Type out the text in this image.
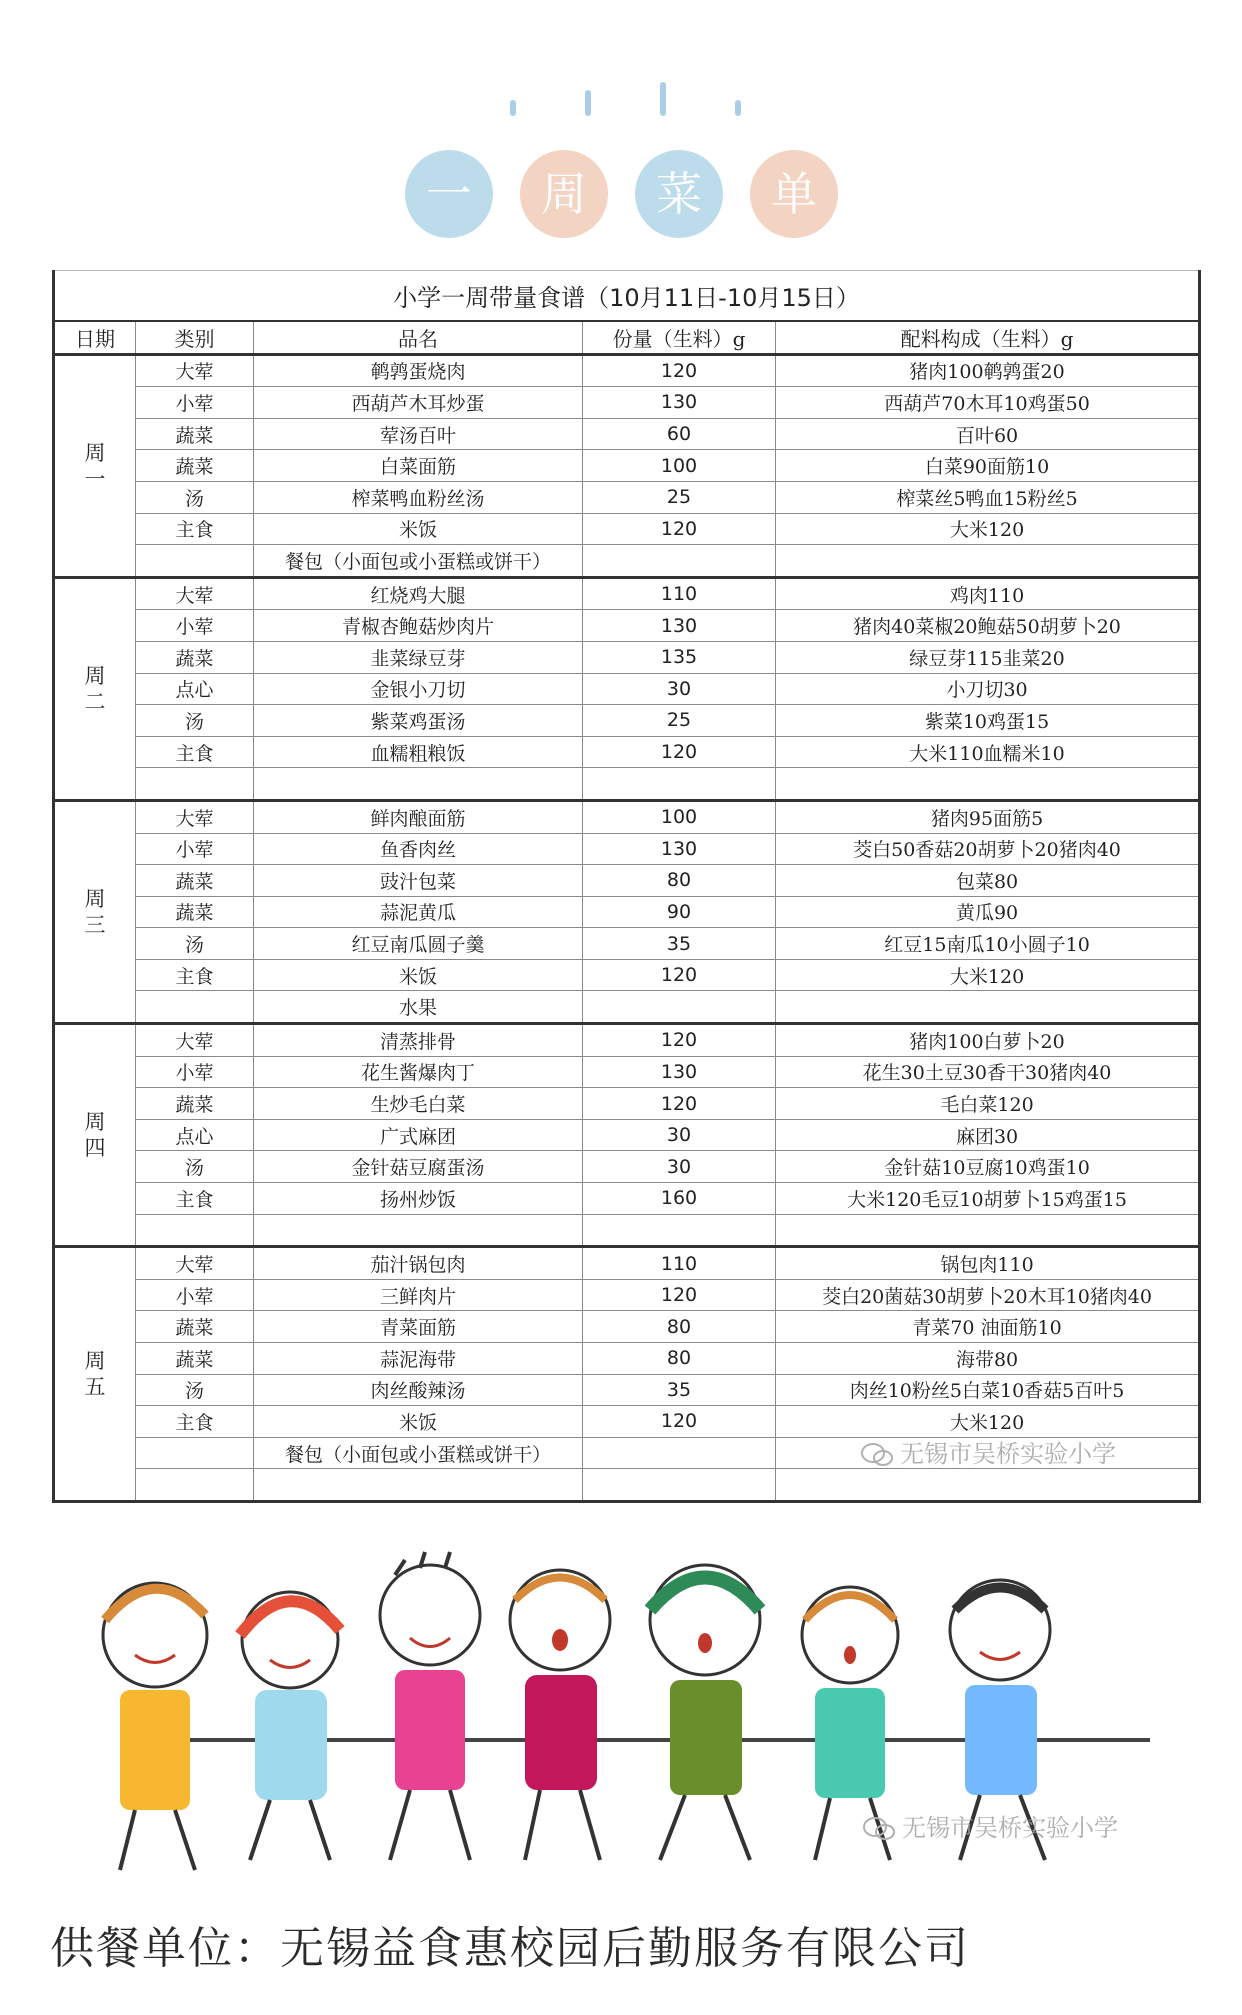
一	周	菜	单
小学一周带量食谱（10月11日-10月15日）				
日期	类别	品名	份量（生料）g	配料构成（生料）g
周一	大荤	鹌鹑蛋烧肉	120	猪肉100鹌鹑蛋20
	小荤	西葫芦木耳炒蛋	130	西葫芦70木耳10鸡蛋50
	蔬菜	荤汤百叶	60	百叶60
	蔬菜	白菜面筋	100	白菜90面筋10
	汤	榨菜鸭血粉丝汤	25	榨菜丝5鸭血15粉丝5
	主食	米饭	120	大米120
		餐包（小面包或小蛋糕或饼干）		
周二	大荤	红烧鸡大腿	110	鸡肉110
	小荤	青椒杏鲍菇炒肉片	130	猪肉40菜椒20鲍菇50胡萝卜20
	蔬菜	韭菜绿豆芽	135	绿豆芽115韭菜20
	点心	金银小刀切	30	小刀切30
	汤	紫菜鸡蛋汤	25	紫菜10鸡蛋15
	主食	血糯粗粮饭	120	大米110血糯米10

周三	大荤	鲜肉酿面筋	100	猪肉95面筋5
	小荤	鱼香肉丝	130	茭白50香菇20胡萝卜20猪肉40
	蔬菜	豉汁包菜	80	包菜80
	蔬菜	蒜泥黄瓜	90	黄瓜90
	汤	红豆南瓜圆子羹	35	红豆15南瓜10小圆子10
	主食	米饭	120	大米120
		水果		
周四	大荤	清蒸排骨	120	猪肉100白萝卜20
	小荤	花生酱爆肉丁	130	花生30土豆30香干30猪肉40
	蔬菜	生炒毛白菜	120	毛白菜120
	点心	广式麻团	30	麻团30
	汤	金针菇豆腐蛋汤	30	金针菇10豆腐10鸡蛋10
	主食	扬州炒饭	160	大米120毛豆10胡萝卜15鸡蛋15

周五	大荤	茄汁锅包肉	110	锅包肉110
	小荤	三鲜肉片	120	茭白20菌菇30胡萝卜20木耳10猪肉40
	蔬菜	青菜面筋	80	青菜70 油面筋10
	蔬菜	蒜泥海带	80	海带80
	汤	肉丝酸辣汤	35	肉丝10粉丝5白菜10香菇5百叶5
	主食	米饭	120	大米120
		餐包（小面包或小蛋糕或饼干）		
				无锡市吴桥实验小学
无锡市吴桥实验小学
供餐单位：无锡益食惠校园后勤服务有限公司
